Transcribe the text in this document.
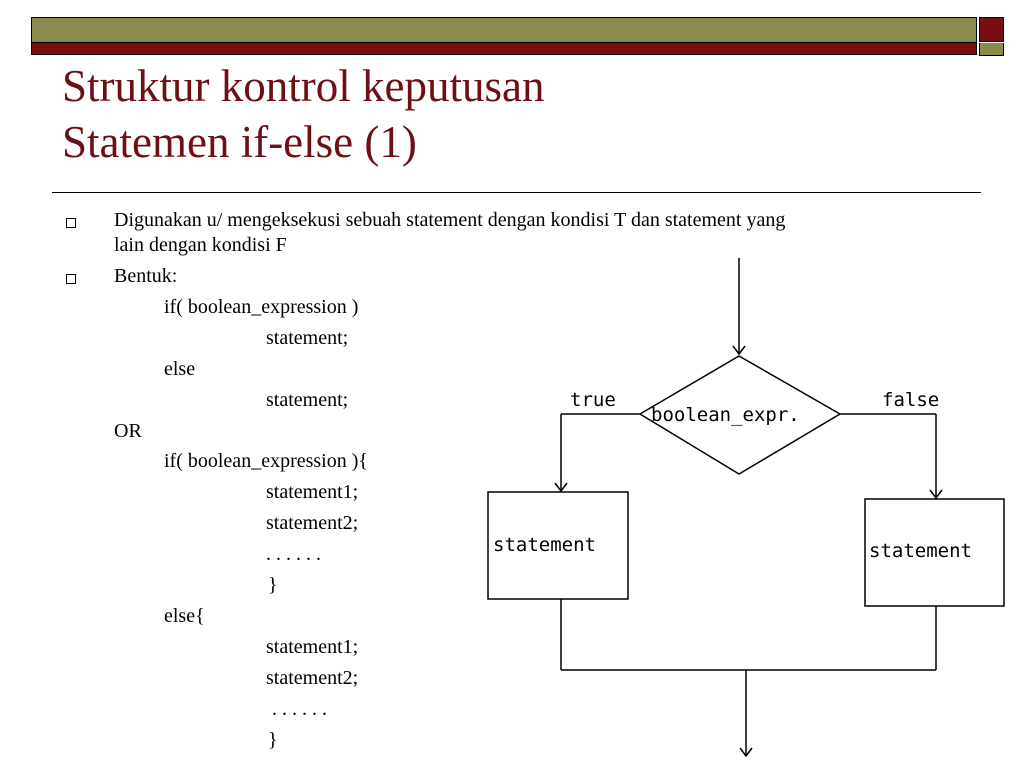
Struktur kontrol keputusan
Statemen if-else (1)
Digunakan u/ mengeksekusi sebuah statement dengan kondisi T dan statement yang
lain dengan kondisi F
Bentuk:
if( boolean_expression )
statement;
else
statement;
OR
if( boolean_expression ){
statement1;
statement2;
. . . . . .
}
else{
statement1;
statement2;
. . . . . .
}
true	false
boolean_expr.
statement	statement
